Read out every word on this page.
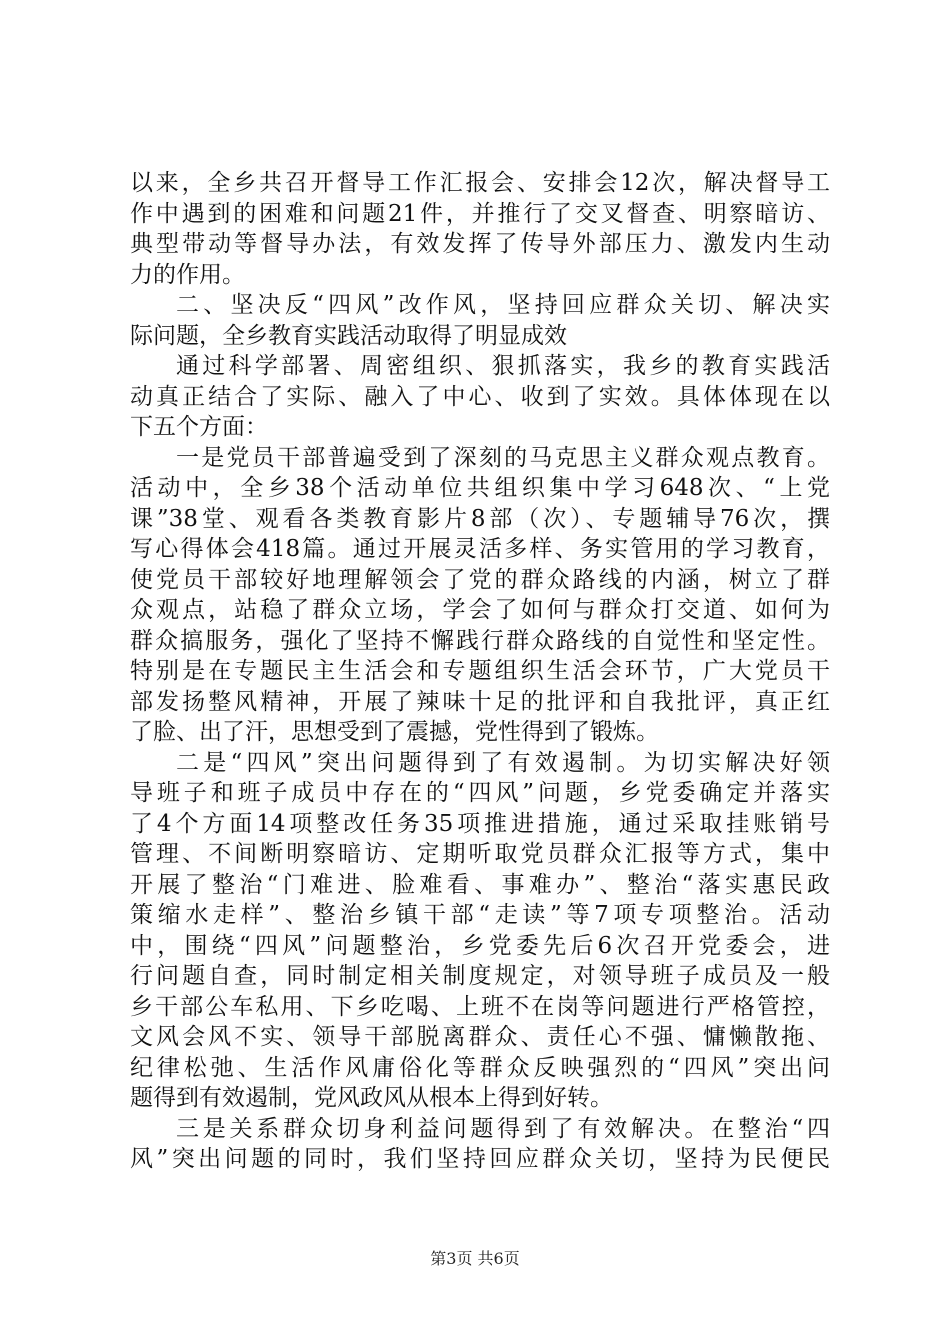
以来，全乡共召开督导工作汇报会、安排会12次，解决督导工
作中遇到的困难和问题21件，并推行了交叉督查、明察暗访、
典型带动等督导办法，有效发挥了传导外部压力、激发内生动
力的作用。
二、坚决反“四风”改作风，坚持回应群众关切、解决实
际问题，全乡教育实践活动取得了明显成效
通过科学部署、周密组织、狠抓落实，我乡的教育实践活
动真正结合了实际、融入了中心、收到了实效。具体体现在以
下五个方面：
一是党员干部普遍受到了深刻的马克思主义群众观点教育。
活动中，全乡38个活动单位共组织集中学习648次、“上党
课”38堂、观看各类教育影片8部（次）、专题辅导76次，撰
写心得体会418篇。通过开展灵活多样、务实管用的学习教育，
使党员干部较好地理解领会了党的群众路线的内涵，树立了群
众观点，站稳了群众立场，学会了如何与群众打交道、如何为
群众搞服务，强化了坚持不懈践行群众路线的自觉性和坚定性。
特别是在专题民主生活会和专题组织生活会环节，广大党员干
部发扬整风精神，开展了辣味十足的批评和自我批评，真正红
了脸、出了汗，思想受到了震撼，党性得到了锻炼。
二是“四风”突出问题得到了有效遏制。为切实解决好领
导班子和班子成员中存在的“四风”问题，乡党委确定并落实
了4个方面14项整改任务35项推进措施，通过采取挂账销号
管理、不间断明察暗访、定期听取党员群众汇报等方式，集中
开展了整治“门难进、脸难看、事难办”、整治“落实惠民政
策缩水走样”、整治乡镇干部“走读”等7项专项整治。活动
中，围绕“四风”问题整治，乡党委先后6次召开党委会，进
行问题自查，同时制定相关制度规定，对领导班子成员及一般
乡干部公车私用、下乡吃喝、上班不在岗等问题进行严格管控，
文风会风不实、领导干部脱离群众、责任心不强、慵懒散拖、
纪律松弛、生活作风庸俗化等群众反映强烈的“四风”突出问
题得到有效遏制，党风政风从根本上得到好转。
三是关系群众切身利益问题得到了有效解决。在整治“四
风”突出问题的同时，我们坚持回应群众关切，坚持为民便民
第3页 共6页
